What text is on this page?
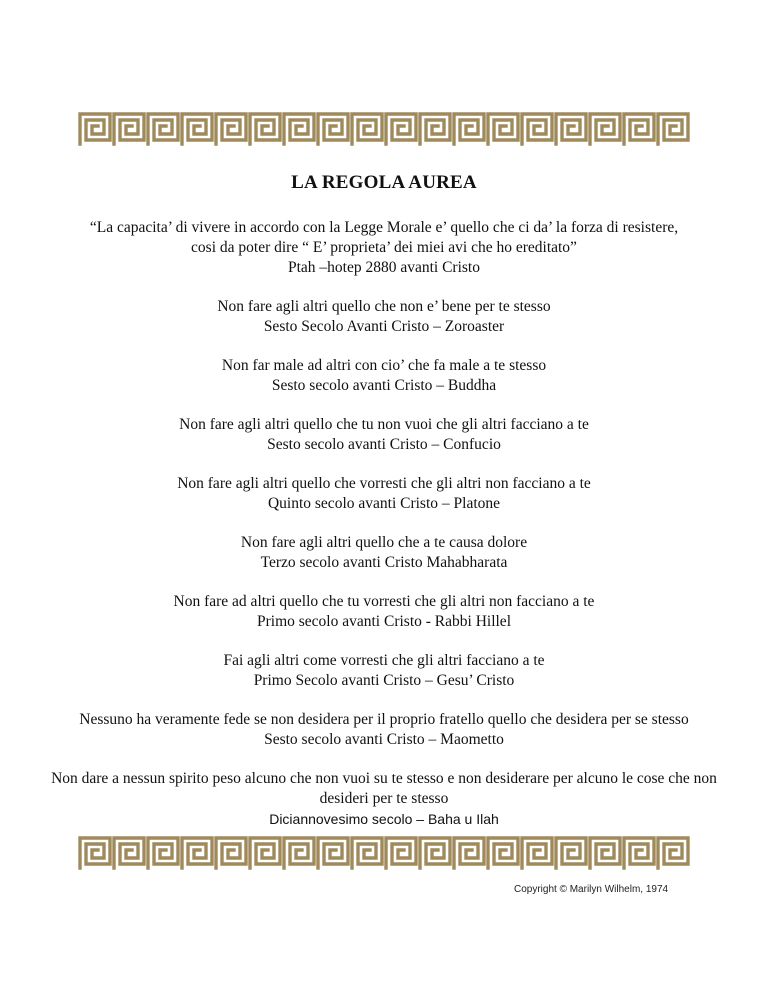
LA REGOLA AUREA
“La capacita’ di vivere in accordo con la Legge Morale e’ quello che ci da’ la forza di resistere,
cosi da poter dire “ E’ proprieta’ dei miei avi che ho ereditato”
Ptah –hotep 2880 avanti Cristo
Non fare agli altri quello che non e’ bene per te stesso
Sesto Secolo Avanti Cristo – Zoroaster
Non far male ad altri con cio’ che fa male a te stesso
Sesto secolo avanti Cristo – Buddha
Non fare agli altri quello che tu non vuoi che gli altri facciano a te
Sesto secolo avanti Cristo – Confucio
Non fare agli altri quello che vorresti che gli altri non facciano a te
Quinto secolo avanti Cristo – Platone
Non fare agli altri quello che a te causa dolore
Terzo secolo avanti Cristo Mahabharata
Non fare ad altri quello che tu vorresti che gli altri non facciano a te
Primo secolo avanti Cristo - Rabbi Hillel
Fai agli altri come vorresti che gli altri facciano a te
Primo Secolo avanti Cristo – Gesu’ Cristo
Nessuno ha veramente fede se non desidera per il proprio fratello quello che desidera per se stesso
Sesto secolo avanti Cristo – Maometto
Non dare a nessun spirito peso alcuno che non vuoi su te stesso e non desiderare per alcuno le cose che non desideri per te stesso
Diciannovesimo secolo – Baha u Ilah
Copyright © Marilyn Wilhelm, 1974
